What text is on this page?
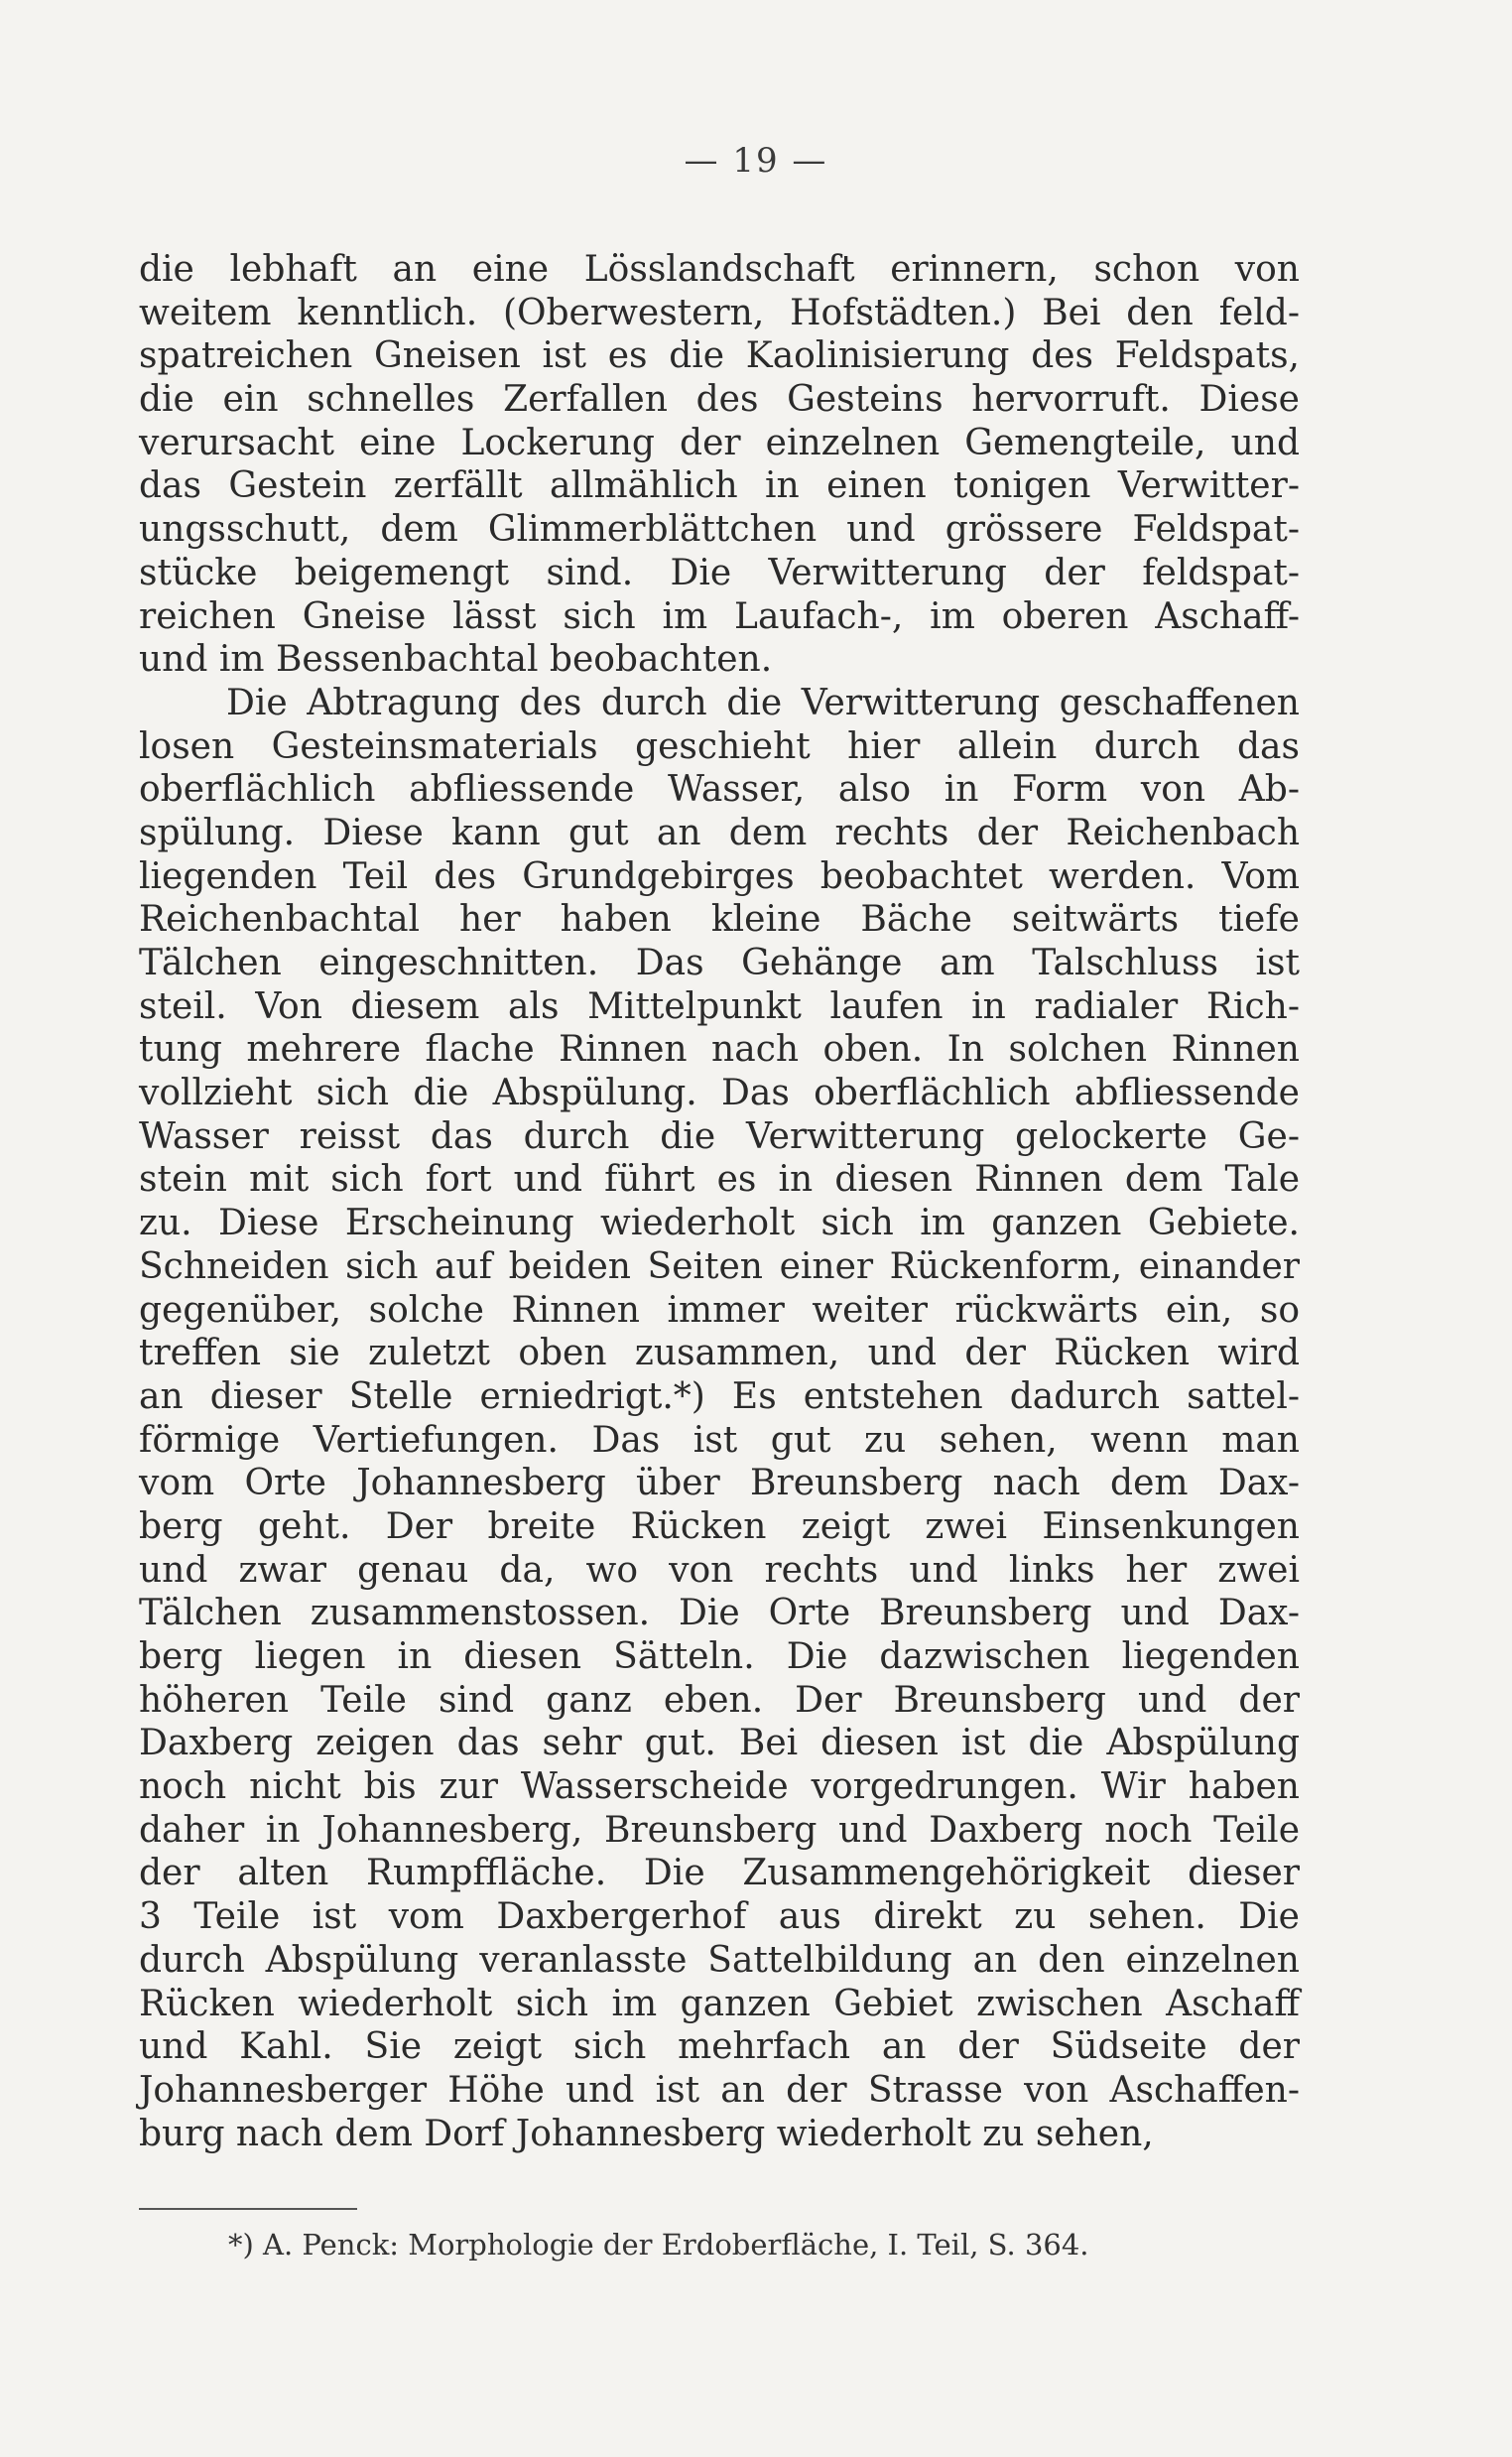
— 19 —
die lebhaft an eine Lösslandschaft erinnern, schon von
weitem kenntlich. (Oberwestern, Hofstädten.) Bei den feld-
spatreichen Gneisen ist es die Kaolinisierung des Feldspats,
die ein schnelles Zerfallen des Gesteins hervorruft. Diese
verursacht eine Lockerung der einzelnen Gemengteile, und
das Gestein zerfällt allmählich in einen tonigen Verwitter-
ungsschutt, dem Glimmerblättchen und grössere Feldspat-
stücke beigemengt sind. Die Verwitterung der feldspat-
reichen Gneise lässt sich im Laufach-, im oberen Aschaff-
und im Bessenbachtal beobachten.
Die Abtragung des durch die Verwitterung geschaffenen
losen Gesteinsmaterials geschieht hier allein durch das
oberflächlich abfliessende Wasser, also in Form von Ab-
spülung. Diese kann gut an dem rechts der Reichenbach
liegenden Teil des Grundgebirges beobachtet werden. Vom
Reichenbachtal her haben kleine Bäche seitwärts tiefe
Tälchen eingeschnitten. Das Gehänge am Talschluss ist
steil. Von diesem als Mittelpunkt laufen in radialer Rich-
tung mehrere flache Rinnen nach oben. In solchen Rinnen
vollzieht sich die Abspülung. Das oberflächlich abfliessende
Wasser reisst das durch die Verwitterung gelockerte Ge-
stein mit sich fort und führt es in diesen Rinnen dem Tale
zu. Diese Erscheinung wiederholt sich im ganzen Gebiete.
Schneiden sich auf beiden Seiten einer Rückenform, einander
gegenüber, solche Rinnen immer weiter rückwärts ein, so
treffen sie zuletzt oben zusammen, und der Rücken wird
an dieser Stelle erniedrigt.*) Es entstehen dadurch sattel-
förmige Vertiefungen. Das ist gut zu sehen, wenn man
vom Orte Johannesberg über Breunsberg nach dem Dax-
berg geht. Der breite Rücken zeigt zwei Einsenkungen
und zwar genau da, wo von rechts und links her zwei
Tälchen zusammenstossen. Die Orte Breunsberg und Dax-
berg liegen in diesen Sätteln. Die dazwischen liegenden
höheren Teile sind ganz eben. Der Breunsberg und der
Daxberg zeigen das sehr gut. Bei diesen ist die Abspülung
noch nicht bis zur Wasserscheide vorgedrungen. Wir haben
daher in Johannesberg, Breunsberg und Daxberg noch Teile
der alten Rumpffläche. Die Zusammengehörigkeit dieser
3 Teile ist vom Daxbergerhof aus direkt zu sehen. Die
durch Abspülung veranlasste Sattelbildung an den einzelnen
Rücken wiederholt sich im ganzen Gebiet zwischen Aschaff
und Kahl. Sie zeigt sich mehrfach an der Südseite der
Johannesberger Höhe und ist an der Strasse von Aschaffen-
burg nach dem Dorf Johannesberg wiederholt zu sehen,
*) A. Penck: Morphologie der Erdoberfläche, I. Teil, S. 364.
